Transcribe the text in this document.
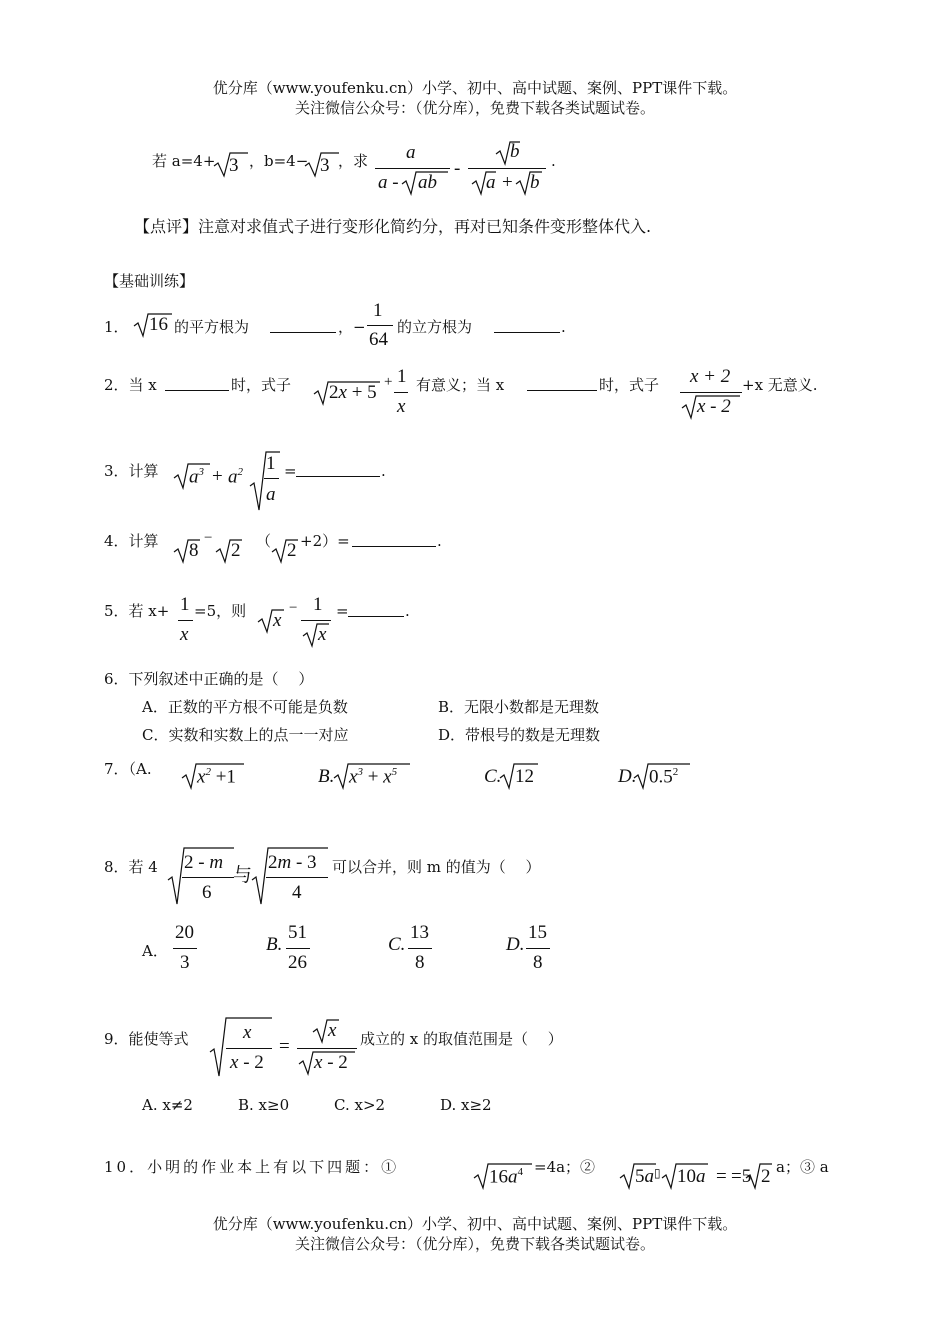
优分库（www.youfenku.cn）小学、初中、高中试题、案例、PPT课件下载。
关注微信公众号：（优分库），免费下载各类试题试卷。
若 a=4+ 3 ，b=4− 3 ，求 a
a - ab
-
b
a + b
.
【点评】注意对求值式子进行变形化简约分，再对已知条件变形整体代入.
【基础训练】
1． 16 的平方根为	，−
1
64
的立方根为	.
2．当 x	时，式子 2x + 5 + 1
x
有意义；当 x	时，式子 x + 2
x - 2
+x 无意义.
3．计算 $a^3 + a^2$ 1
a
=	.
4．计算 8
−
2 （ 2 +2）=	.
5．若 x+ 1
x
=5，则 x
− 1
x
=	.
6．下列叙述中正确的是（　 ）
A．正数的平方根不可能是负数	B．无限小数都是无理数
C．实数和实数上的点一一对应	D．带根号的数是无理数
7．（A. $x^2 +1$	B. $x^3 + x^5$	C. 12	D. $0.5^2$
8．若 4 2 - m
6
与
2m - 3
4
可以合并，则 m 的值为（　 ）
A．
20
3
B.
51
26
C.
13
8
D.
15
8
9．能使等式	x
x - 2
=
x
x - 2
成立的 x 的取值范围是（　 ）
A. x≠2	B. x≥0	C. x>2	D. x≥2
10．小明的作业本上有以下四题：①	$16a^4 =4a$；② 5a ▯ 10a = =5 2 a；③ a
优分库（www.youfenku.cn）小学、初中、高中试题、案例、PPT课件下载。
关注微信公众号：（优分库），免费下载各类试题试卷。
